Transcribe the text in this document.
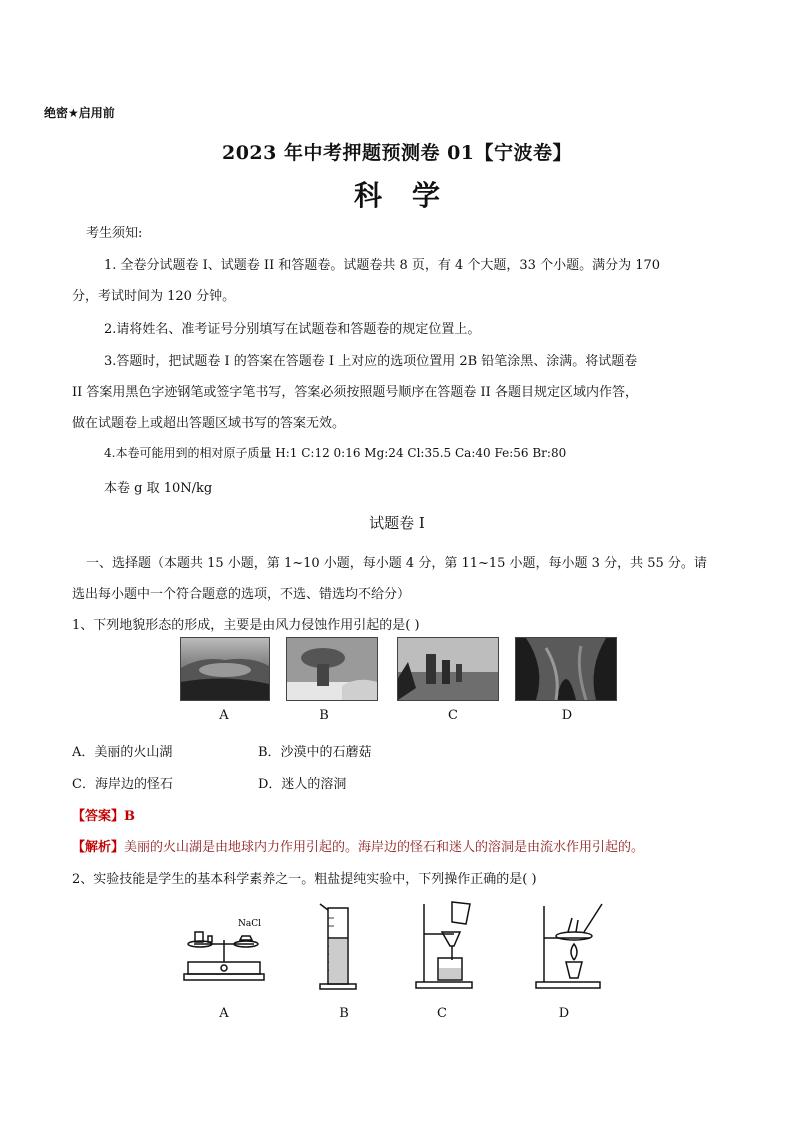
绝密★启用前
2023 年中考押题预测卷 01【宁波卷】
科学
考生须知:
1. 全卷分试题卷 I、试题卷 II 和答题卷。试题卷共 8 页，有 4 个大题，33 个小题。满分为 170
分，考试时间为 120 分钟。
2.请将姓名、准考证号分别填写在试题卷和答题卷的规定位置上。
3.答题时，把试题卷 I 的答案在答题卷 I 上对应的选项位置用 2B 铅笔涂黑、涂满。将试题卷
II 答案用黑色字迹钢笔或签字笔书写，答案必须按照题号顺序在答题卷 II 各题目规定区域内作答，
做在试题卷上或超出答题区域书写的答案无效。
4.本卷可能用到的相对原子质量 H:1 C:12 0:16 Mg:24 Cl:35.5 Ca:40 Fe:56 Br:80
本卷 g 取 10N/kg
试题卷 I
一、选择题（本题共 15 小题，第 1~10 小题，每小题 4 分，第 11~15 小题，每小题 3 分，共 55 分。请
选出每小题中一个符合题意的选项，不选、错选均不给分）
1、下列地貌形态的形成，主要是由风力侵蚀作用引起的是( )
A	B	C	D
A．美丽的火山湖	B．沙漠中的石蘑菇
C．海岸边的怪石	D．迷人的溶洞
【答案】B
【解析】美丽的火山湖是由地球内力作用引起的。海岸边的怪石和迷人的溶洞是由流水作用引起的。
2、实验技能是学生的基本科学素养之一。粗盐提纯实验中，下列操作正确的是( )
NaCl
A	B	C	D
